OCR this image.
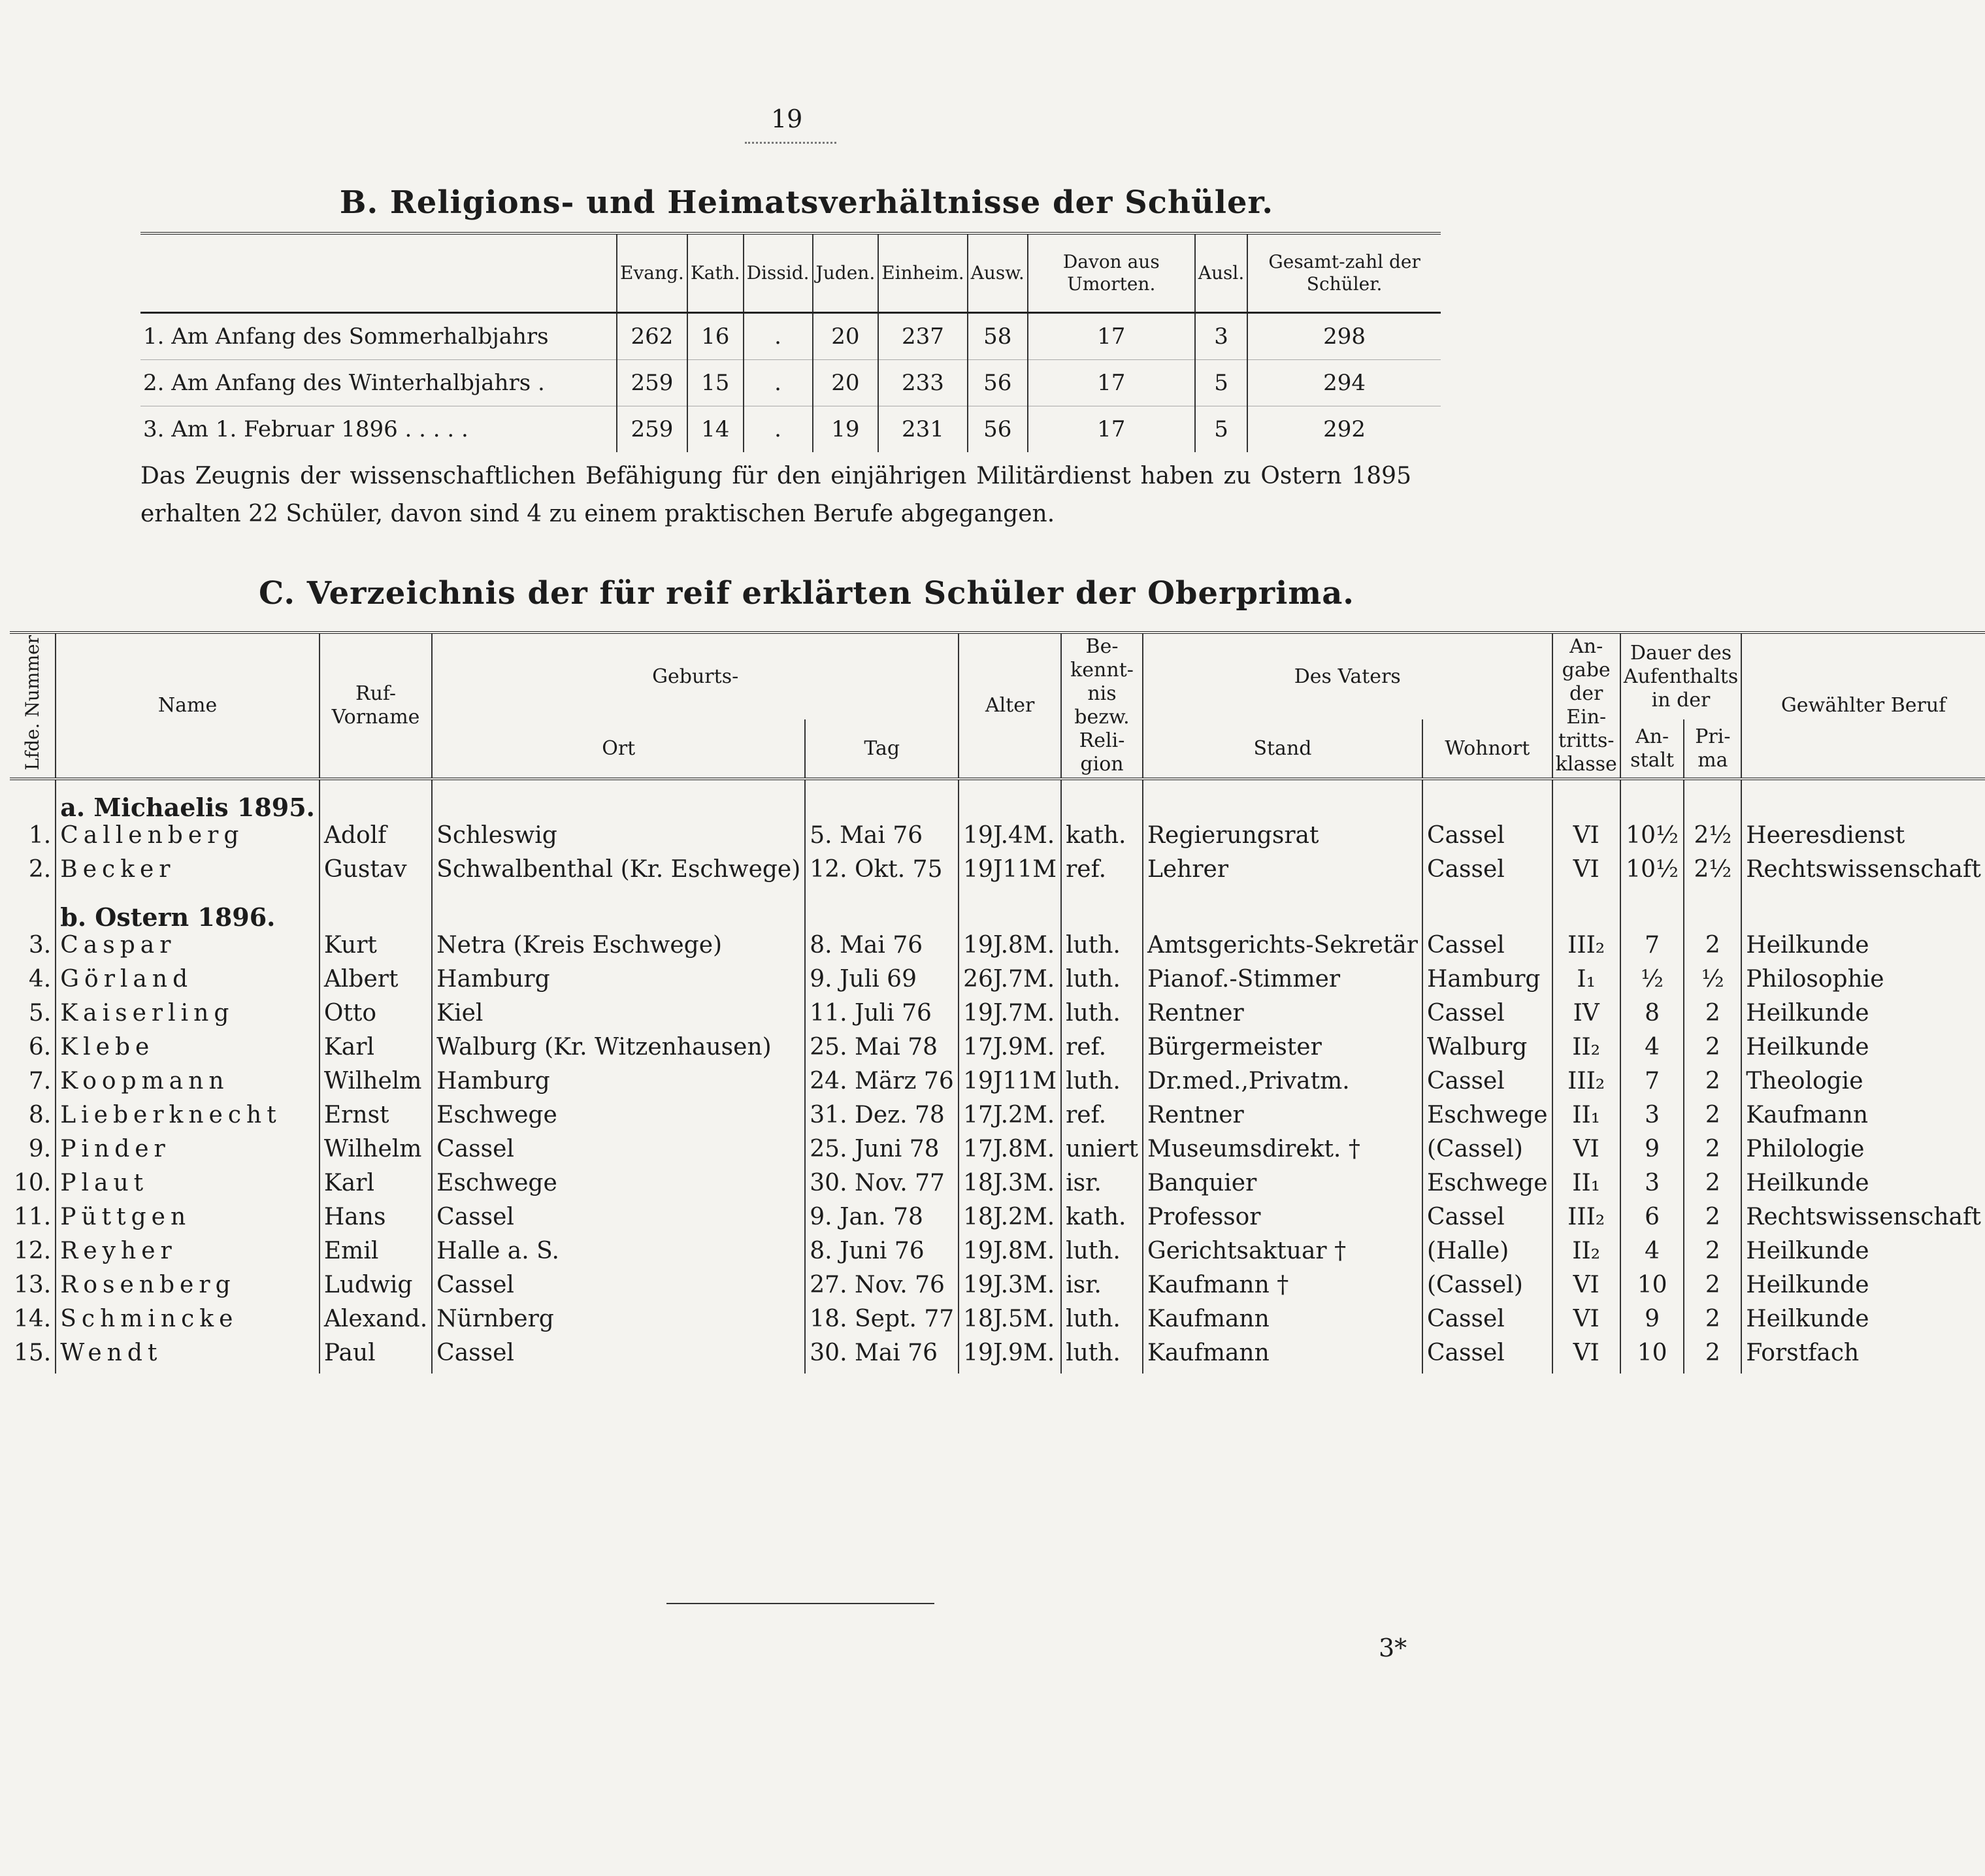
19
B. Religions- und Heimatsverhältnisse der Schüler.
	Evang.	Kath.	Dissid.	Juden.	Einheim.	Ausw.	Davon aus Umorten.	Ausl.	Gesamt-zahl der Schüler.
1. Am Anfang des Sommerhalbjahrs	262	16	.	20	237	58	17	3	298
2. Am Anfang des Winterhalbjahrs .	259	15	.	20	233	56	17	5	294
3. Am 1. Februar 1896 . . . . .	259	14	.	19	231	56	17	5	292
Das Zeugnis der wissenschaftlichen Befähigung für den einjährigen Militärdienst haben zu Ostern 1895 erhalten 22 Schüler, davon sind 4 zu einem praktischen Berufe abgegangen.
C. Verzeichnis der für reif erklärten Schüler der Oberprima.
Lfde. Nummer	Name	Ruf-Vorname	Geburts-		Alter	Be-kennt-nis bezw. Reli-gion	Des Vaters		An-gabe der Ein-tritts-klasse	Dauer des Aufenthalts in der		Gewählter Beruf
			Ort	Tag			Stand	Wohnort		An-stalt	Pri-ma	
	a. Michaelis 1895.											
1.	Callenberg	Adolf	Schleswig	5. Mai 76	19J.4M.	kath.	Regierungsrat	Cassel	VI	10½	2½	Heeresdienst
2.	Becker	Gustav	Schwalbenthal (Kr. Eschwege)	12. Okt. 75	19J11M	ref.	Lehrer	Cassel	VI	10½	2½	Rechtswissenschaft
	b. Ostern 1896.											
3.	Caspar	Kurt	Netra (Kreis Eschwege)	8. Mai 76	19J.8M.	luth.	Amtsgerichts-Sekretär	Cassel	III₂	7	2	Heilkunde
4.	Görland	Albert	Hamburg	9. Juli 69	26J.7M.	luth.	Pianof.-Stimmer	Hamburg	I₁	½	½	Philosophie
5.	Kaiserling	Otto	Kiel	11. Juli 76	19J.7M.	luth.	Rentner	Cassel	IV	8	2	Heilkunde
6.	Klebe	Karl	Walburg (Kr. Witzenhausen)	25. Mai 78	17J.9M.	ref.	Bürgermeister	Walburg	II₂	4	2	Heilkunde
7.	Koopmann	Wilhelm	Hamburg	24. März 76	19J11M	luth.	Dr.med.,Privatm.	Cassel	III₂	7	2	Theologie
8.	Lieberknecht	Ernst	Eschwege	31. Dez. 78	17J.2M.	ref.	Rentner	Eschwege	II₁	3	2	Kaufmann
9.	Pinder	Wilhelm	Cassel	25. Juni 78	17J.8M.	uniert	Museumsdirekt. †	(Cassel)	VI	9	2	Philologie
10.	Plaut	Karl	Eschwege	30. Nov. 77	18J.3M.	isr.	Banquier	Eschwege	II₁	3	2	Heilkunde
11.	Püttgen	Hans	Cassel	9. Jan. 78	18J.2M.	kath.	Professor	Cassel	III₂	6	2	Rechtswissenschaft
12.	Reyher	Emil	Halle a. S.	8. Juni 76	19J.8M.	luth.	Gerichtsaktuar †	(Halle)	II₂	4	2	Heilkunde
13.	Rosenberg	Ludwig	Cassel	27. Nov. 76	19J.3M.	isr.	Kaufmann †	(Cassel)	VI	10	2	Heilkunde
14.	Schmincke	Alexand.	Nürnberg	18. Sept. 77	18J.5M.	luth.	Kaufmann	Cassel	VI	9	2	Heilkunde
15.	Wendt	Paul	Cassel	30. Mai 76	19J.9M.	luth.	Kaufmann	Cassel	VI	10	2	Forstfach
3*
